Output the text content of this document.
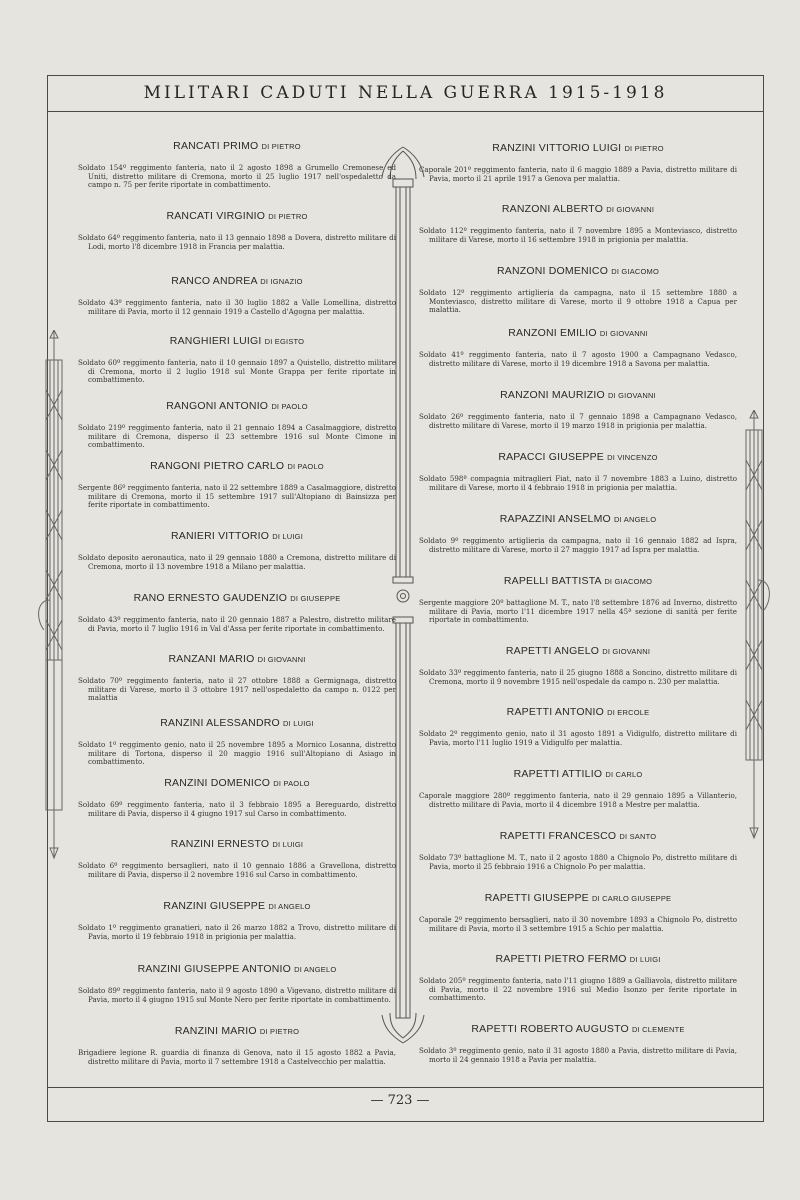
MILITARI CADUTI NELLA GUERRA 1915-1918
RANCATI PRIMO DI PIETRO

Soldato 154º reggimento fanteria, nato il 2 agosto 1898 a Grumello Cremonese ed Uniti, distretto militare di Cremona, morto il 25 luglio 1917 nell'ospedaletto da campo n. 75 per ferite riportate in combattimento.

RANCATI VIRGINIO DI PIETRO

Soldato 64º reggimento fanteria, nato il 13 gennaio 1898 a Dovera, distretto militare di Lodi, morto l'8 dicembre 1918 in Francia per malattia.

RANCO ANDREA DI IGNAZIO

Soldato 43º reggimento fanteria, nato il 30 luglio 1882 a Valle Lomellina, distretto militare di Pavia, morto il 12 gennaio 1919 a Castello d'Agogna per malattia.

RANGHIERI LUIGI DI EGISTO

Soldato 60º reggimento fanteria, nato il 10 gennaio 1897 a Quistello, distretto militare di Cremona, morto il 2 luglio 1918 sul Monte Grappa per ferite riportate in combattimento.

RANGONI ANTONIO DI PAOLO

Soldato 219º reggimento fanteria, nato il 21 gennaio 1894 a Casalmaggiore, distretto militare di Cremona, disperso il 23 settembre 1916 sul Monte Cimone in combattimento.

RANGONI PIETRO CARLO DI PAOLO

Sergente 86º reggimento fanteria, nato il 22 settembre 1889 a Casalmaggiore, distretto militare di Cremona, morto il 15 settembre 1917 sull'Altopiano di Bainsizza per ferite riportate in combattimento.

RANIERI VITTORIO DI LUIGI

Soldato deposito aeronautica, nato il 29 gennaio 1880 a Cremona, distretto militare di Cremona, morto il 13 novembre 1918 a Milano per malattia.

RANO ERNESTO GAUDENZIO DI GIUSEPPE

Soldato 43º reggimento fanteria, nato il 20 gennaio 1887 a Palestro, distretto militare di Pavia, morto il 7 luglio 1916 in Val d'Assa per ferite riportate in combattimento.

RANZANI MARIO DI GIOVANNI

Soldato 70º reggimento fanteria, nato il 27 ottobre 1888 a Germignaga, distretto militare di Varese, morto il 3 ottobre 1917 nell'ospedaletto da campo n. 0122 per malattia

RANZINI ALESSANDRO DI LUIGI

Soldato 1º reggimento genio, nato il 25 novembre 1895 a Mornico Losanna, distretto militare di Tortona, disperso il 20 maggio 1916 sull'Altopiano di Asiago in combattimento.

RANZINI DOMENICO DI PAOLO

Soldato 69º reggimento fanteria, nato il 3 febbraio 1895 a Bereguardo, distretto militare di Pavia, disperso il 4 giugno 1917 sul Carso in combattimento.

RANZINI ERNESTO DI LUIGI

Soldato 6º reggimento bersaglieri, nato il 10 gennaio 1886 a Gravellona, distretto militare di Pavia, disperso il 2 novembre 1916 sul Carso in combattimento.

RANZINI GIUSEPPE DI ANGELO

Soldato 1º reggimento granatieri, nato il 26 marzo 1882 a Trovo, distretto militare di Pavia, morto il 19 febbraio 1918 in prigionia per malattia.

RANZINI GIUSEPPE ANTONIO DI ANGELO

Soldato 89º reggimento fanteria, nato il 9 agosto 1890 a Vigevano, distretto militare di Pavia, morto il 4 giugno 1915 sul Monte Nero per ferite riportate in combattimento.

RANZINI MARIO DI PIETRO

Brigadiere legione R. guardia di finanza di Genova, nato il 15 agosto 1882 a Pavia, distretto militare di Pavia, morto il 7 settembre 1918 a Castelvecchio per malattia.

RANZINI VITTORIO LUIGI DI PIETRO

Caporale 201º reggimento fanteria, nato il 6 maggio 1889 a Pavia, distretto militare di Pavia, morto il 21 aprile 1917 a Genova per malattia.

RANZONI ALBERTO DI GIOVANNI

Soldato 112º reggimento fanteria, nato il 7 novembre 1895 a Monteviasco, distretto militare di Varese, morto il 16 settembre 1918 in prigionia per malattia.

RANZONI DOMENICO DI GIACOMO

Soldato 12º reggimento artiglieria da campagna, nato il 15 settembre 1880 a Monteviasco, distretto militare di Varese, morto il 9 ottobre 1918 a Capua per malattia.

RANZONI EMILIO DI GIOVANNI

Soldato 41º reggimento fanteria, nato il 7 agosto 1900 a Campagnano Vedasco, distretto militare di Varese, morto il 19 dicembre 1918 a Savona per malattia.

RANZONI MAURIZIO DI GIOVANNI

Soldato 26º reggimento fanteria, nato il 7 gennaio 1898 a Campagnano Vedasco, distretto militare di Varese, morto il 19 marzo 1918 in prigionia per malattia.

RAPACCI GIUSEPPE DI VINCENZO

Soldato 598ª compagnia mitraglieri Fiat, nato il 7 novembre 1883 a Luino, distretto militare di Varese, morto il 4 febbraio 1918 in prigionia per malattia.

RAPAZZINI ANSELMO DI ANGELO

Soldato 9º reggimento artiglieria da campagna, nato il 16 gennaio 1882 ad Ispra, distretto militare di Varese, morto il 27 maggio 1917 ad Ispra per malattia.

RAPELLI BATTISTA DI GIACOMO

Sergente maggiore 20º battaglione M. T., nato l'8 settembre 1876 ad Inverno, distretto militare di Pavia, morto l'11 dicembre 1917 nella 45ª sezione di sanità per ferite riportate in combattimento.

RAPETTI ANGELO DI GIOVANNI

Soldato 33º reggimento fanteria, nato il 25 giugno 1888 a Soncino, distretto militare di Cremona, morto il 9 novembre 1915 nell'ospedale da campo n. 230 per malattia.

RAPETTI ANTONIO DI ERCOLE

Soldato 2º reggimento genio, nato il 31 agosto 1891 a Vidigulfo, distretto militare di Pavia, morto l'11 luglio 1919 a Vidigulfo per malattia.

RAPETTI ATTILIO DI CARLO

Caporale maggiore 280º reggimento fanteria, nato il 29 gennaio 1895 a Villanterio, distretto militare di Pavia, morto il 4 dicembre 1918 a Mestre per malattia.

RAPETTI FRANCESCO DI SANTO

Soldato 73º battaglione M. T., nato il 2 agosto 1880 a Chignolo Po, distretto militare di Pavia, morto il 25 febbraio 1916 a Chignolo Po per malattia.

RAPETTI GIUSEPPE DI CARLO GIUSEPPE

Caporale 2º reggimento bersaglieri, nato il 30 novembre 1893 a Chignolo Po, distretto militare di Pavia, morto il 3 settembre 1915 a Schio per malattia.

RAPETTI PIETRO FERMO DI LUIGI

Soldato 205º reggimento fanteria, nato l'11 giugno 1889 a Galliavola, distretto militare di Pavia, morto il 22 novembre 1916 sul Medio Isonzo per ferite riportate in combattimento.

RAPETTI ROBERTO AUGUSTO DI CLEMENTE

Soldato 3º reggimento genio, nato il 31 agosto 1880 a Pavia, distretto militare di Pavia, morto il 24 gennaio 1918 a Pavia per malattia.

— 723 —
